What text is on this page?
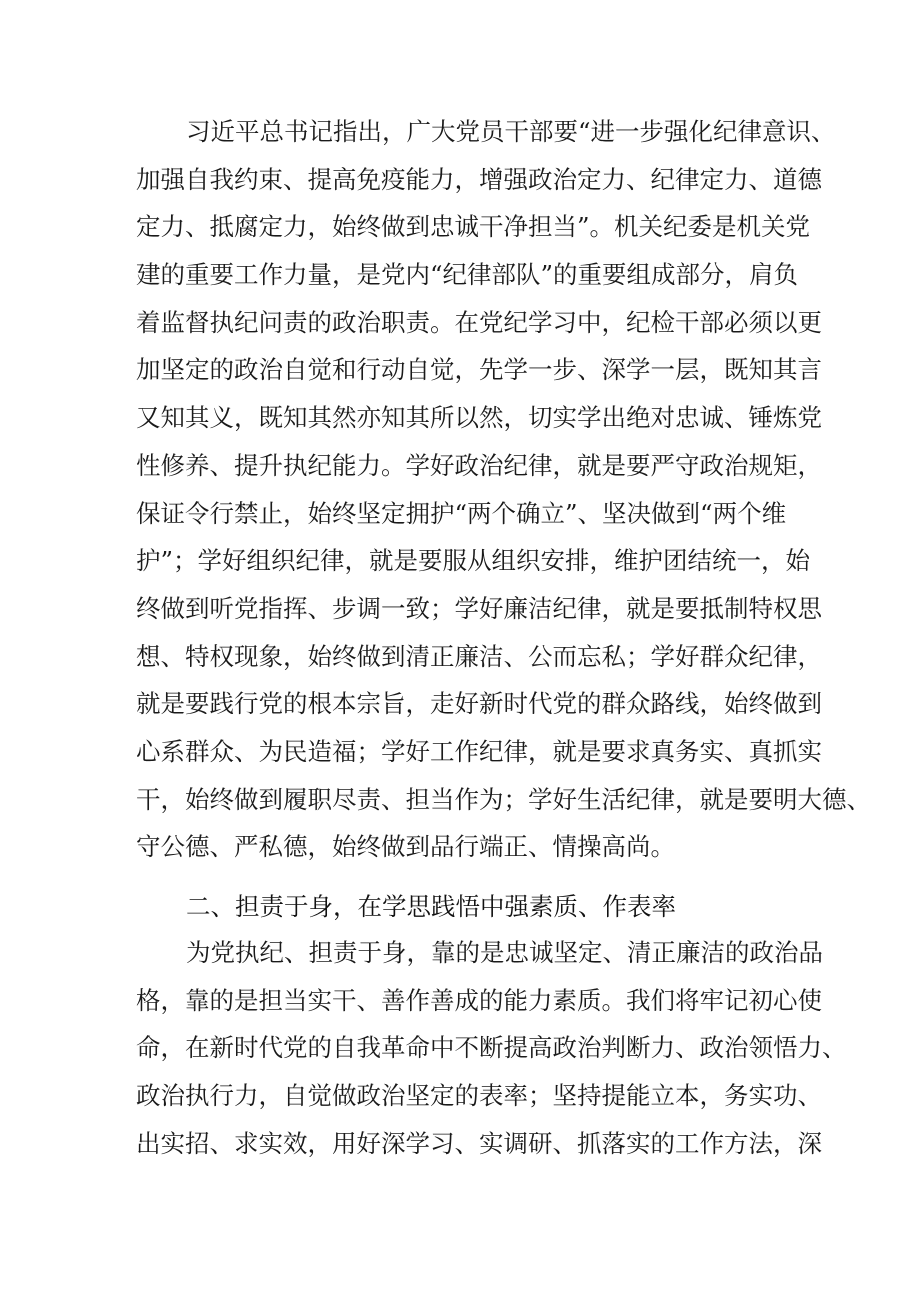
习近平总书记指出，广大党员干部要“进一步强化纪律意识、
加强自我约束、提高免疫能力，增强政治定力、纪律定力、道德
定力、抵腐定力，始终做到忠诚干净担当”。机关纪委是机关党
建的重要工作力量，是党内“纪律部队”的重要组成部分，肩负
着监督执纪问责的政治职责。在党纪学习中，纪检干部必须以更
加坚定的政治自觉和行动自觉，先学一步、深学一层，既知其言
又知其义，既知其然亦知其所以然，切实学出绝对忠诚、锤炼党
性修养、提升执纪能力。学好政治纪律，就是要严守政治规矩，
保证令行禁止，始终坚定拥护“两个确立”、坚决做到“两个维
护”；学好组织纪律，就是要服从组织安排，维护团结统一，始
终做到听党指挥、步调一致；学好廉洁纪律，就是要抵制特权思
想、特权现象，始终做到清正廉洁、公而忘私；学好群众纪律，
就是要践行党的根本宗旨，走好新时代党的群众路线，始终做到
心系群众、为民造福；学好工作纪律，就是要求真务实、真抓实
干，始终做到履职尽责、担当作为；学好生活纪律，就是要明大德、
守公德、严私德，始终做到品行端正、情操高尚。
二、担责于身，在学思践悟中强素质、作表率
为党执纪、担责于身，靠的是忠诚坚定、清正廉洁的政治品
格，靠的是担当实干、善作善成的能力素质。我们将牢记初心使
命，在新时代党的自我革命中不断提高政治判断力、政治领悟力、
政治执行力，自觉做政治坚定的表率；坚持提能立本，务实功、
出实招、求实效，用好深学习、实调研、抓落实的工作方法，深
